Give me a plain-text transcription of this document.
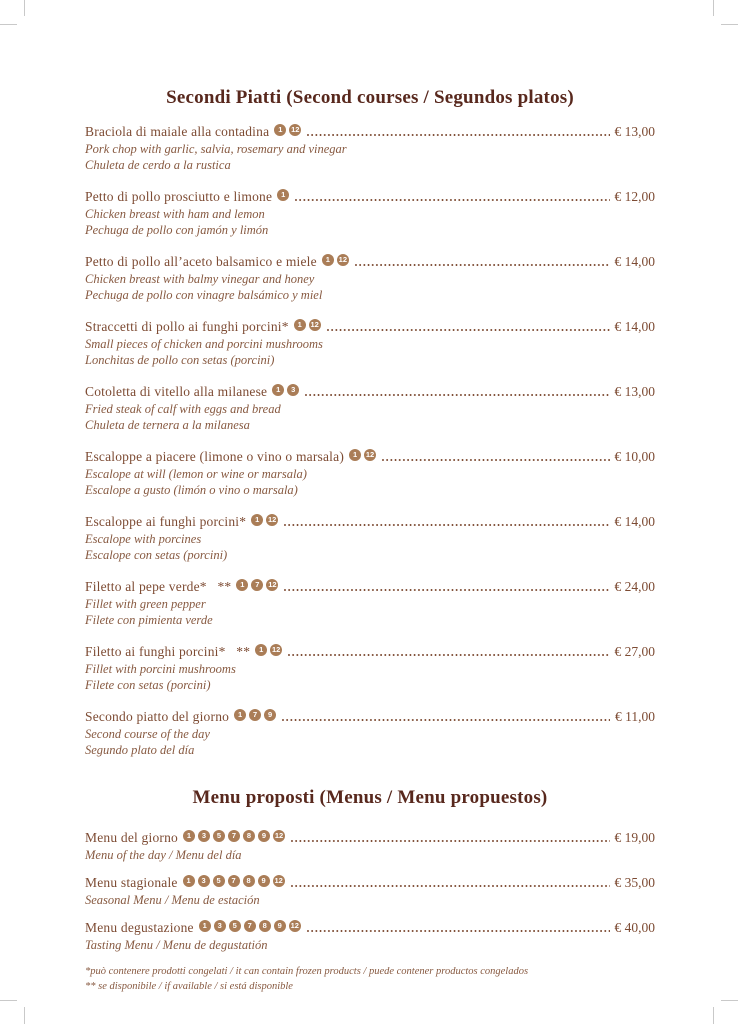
Secondi Piatti (Second courses / Segundos platos)
Braciola di maiale alla contadina	1	12	€ 13,00
Pork chop with garlic, salvia, rosemary and vinegar
Chuleta de cerdo a la rustica
Petto di pollo prosciutto e limone	1	€ 12,00
Chicken breast with ham and lemon
Pechuga de pollo con jamón y limón
Petto di pollo all’aceto balsamico e miele	1	12	€ 14,00
Chicken breast with balmy vinegar and honey
Pechuga de pollo con vinagre balsámico y miel
Straccetti di pollo ai funghi porcini*	1	12	€ 14,00
Small pieces of chicken and porcini mushrooms
Lonchitas de pollo con setas (porcini)
Cotoletta di vitello alla milanese	1	3	€ 13,00
Fried steak of calf with eggs and bread
Chuleta de ternera a la milanesa
Escaloppe a piacere (limone o vino o marsala)	1	12	€ 10,00
Escalope at will (lemon or wine or marsala)
Escalope a gusto (limón o vino o marsala)
Escaloppe ai funghi porcini*	1	12	€ 14,00
Escalope with porcines
Escalope con setas (porcini)
Filetto al pepe verde*   **	1	7	12	€ 24,00
Fillet with green pepper
Filete con pimienta verde
Filetto ai funghi porcini*   **	1	12	€ 27,00
Fillet with porcini mushrooms
Filete con setas (porcini)
Secondo piatto del giorno	1	7	9	€ 11,00
Second course of the day
Segundo plato del día
Menu proposti (Menus / Menu propuestos)
Menu del giorno	1	3	5	7	8	9	12	€ 19,00
Menu of the day / Menu del día
Menu stagionale	1	3	5	7	8	9	12	€ 35,00
Seasonal Menu / Menu de estación
Menu degustazione	1	3	5	7	8	9	12	€ 40,00
Tasting Menu / Menu de degustatión
*può contenere prodotti congelati / it can contain frozen products / puede contener productos congelados
** se disponibile / if available / si está disponible
